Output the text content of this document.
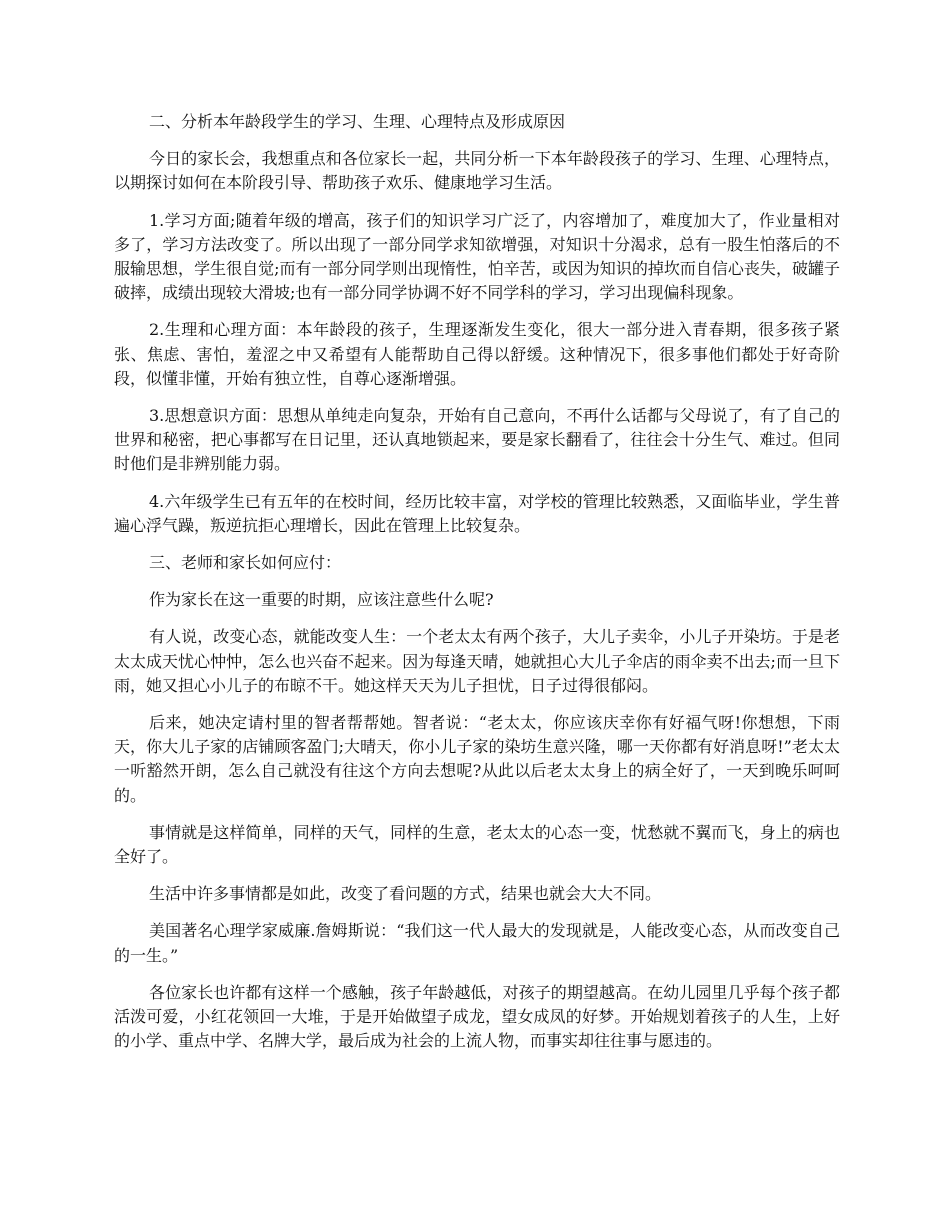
二、分析本年龄段学生的学习、生理、心理特点及形成原因

今日的家长会，我想重点和各位家长一起，共同分析一下本年龄段孩子的学习、生理、心理特点，以期探讨如何在本阶段引导、帮助孩子欢乐、健康地学习生活。

1.学习方面;随着年级的增高，孩子们的知识学习广泛了，内容增加了，难度加大了，作业量相对多了，学习方法改变了。所以出现了一部分同学求知欲增强，对知识十分渴求，总有一股生怕落后的不服输思想，学生很自觉;而有一部分同学则出现惰性，怕辛苦，或因为知识的掉坎而自信心丧失，破罐子破摔，成绩出现较大滑坡;也有一部分同学协调不好不同学科的学习，学习出现偏科现象。

2.生理和心理方面：本年龄段的孩子，生理逐渐发生变化，很大一部分进入青春期，很多孩子紧张、焦虑、害怕，羞涩之中又希望有人能帮助自己得以舒缓。这种情况下，很多事他们都处于好奇阶段，似懂非懂，开始有独立性，自尊心逐渐增强。

3.思想意识方面：思想从单纯走向复杂，开始有自己意向，不再什么话都与父母说了，有了自己的世界和秘密，把心事都写在日记里，还认真地锁起来，要是家长翻看了，往往会十分生气、难过。但同时他们是非辨别能力弱。

4.六年级学生已有五年的在校时间，经历比较丰富，对学校的管理比较熟悉，又面临毕业，学生普遍心浮气躁，叛逆抗拒心理增长，因此在管理上比较复杂。

三、老师和家长如何应付：

作为家长在这一重要的时期，应该注意些什么呢?

有人说，改变心态，就能改变人生：一个老太太有两个孩子，大儿子卖伞，小儿子开染坊。于是老太太成天忧心忡忡，怎么也兴奋不起来。因为每逢天晴，她就担心大儿子伞店的雨伞卖不出去;而一旦下雨，她又担心小儿子的布晾不干。她这样天天为儿子担忧，日子过得很郁闷。

后来，她决定请村里的智者帮帮她。智者说：“老太太，你应该庆幸你有好福气呀!你想想，下雨天，你大儿子家的店铺顾客盈门;大晴天，你小儿子家的染坊生意兴隆，哪一天你都有好消息呀!”老太太一听豁然开朗，怎么自己就没有往这个方向去想呢?从此以后老太太身上的病全好了，一天到晚乐呵呵的。

事情就是这样简单，同样的天气，同样的生意，老太太的心态一变，忧愁就不翼而飞，身上的病也全好了。

生活中许多事情都是如此，改变了看问题的方式，结果也就会大大不同。

美国著名心理学家威廉.詹姆斯说：“我们这一代人最大的发现就是，人能改变心态，从而改变自己的一生。”

各位家长也许都有这样一个感触，孩子年龄越低，对孩子的期望越高。在幼儿园里几乎每个孩子都活泼可爱，小红花领回一大堆，于是开始做望子成龙，望女成凤的好梦。开始规划着孩子的人生，上好的小学、重点中学、名牌大学，最后成为社会的上流人物，而事实却往往事与愿违的。
